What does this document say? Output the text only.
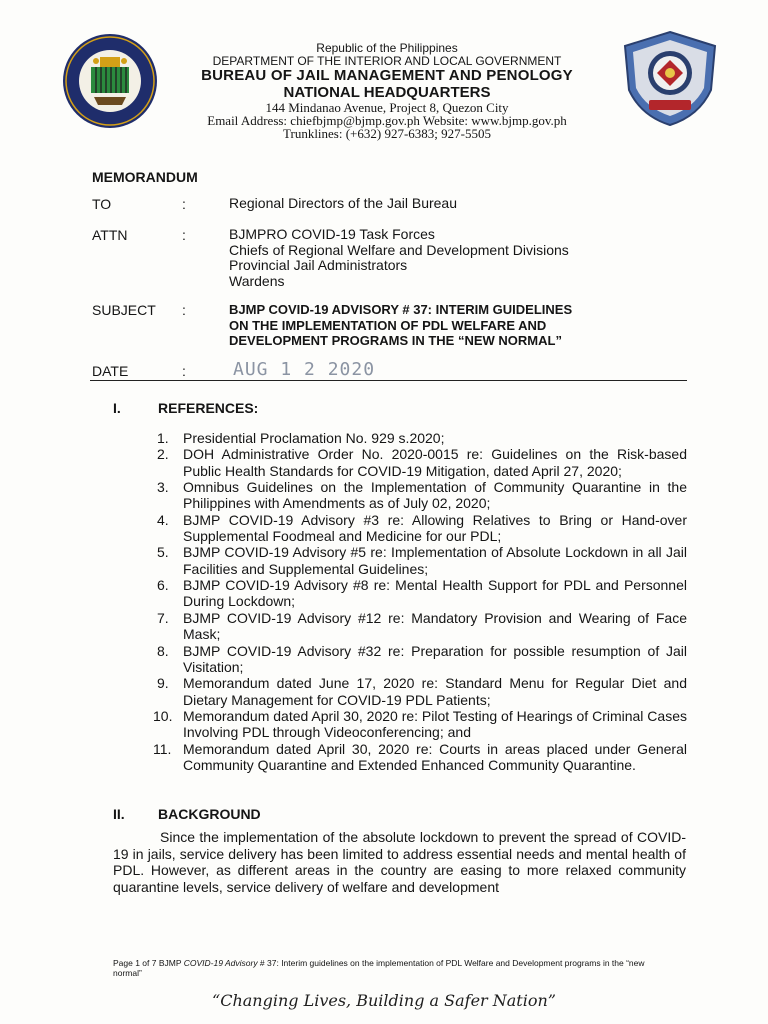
Republic of the Philippines
DEPARTMENT OF THE INTERIOR AND LOCAL GOVERNMENT
BUREAU OF JAIL MANAGEMENT AND PENOLOGY
NATIONAL HEADQUARTERS
144 Mindanao Avenue, Project 8, Quezon City
Email Address: chiefbjmp@bjmp.gov.ph Website: www.bjmp.gov.ph
Trunklines: (+632) 927-6383; 927-5505
MEMORANDUM
TO	:	Regional Directors of the Jail Bureau
ATTN	:	BJMPRO COVID-19 Task Forces
Chiefs of Regional Welfare and Development Divisions
Provincial Jail Administrators
Wardens
SUBJECT :	BJMP COVID-19 ADVISORY # 37: INTERIM GUIDELINES
ON THE IMPLEMENTATION OF PDL WELFARE AND
DEVELOPMENT PROGRAMS IN THE “NEW NORMAL”
DATE	:	AUG 1 2 2020
I.	REFERENCES:
1. Presidential Proclamation No. 929 s.2020;
2. DOH Administrative Order No. 2020-0015 re: Guidelines on the Risk-based Public Health Standards for COVID-19 Mitigation, dated April 27, 2020;
3. Omnibus Guidelines on the Implementation of Community Quarantine in the Philippines with Amendments as of July 02, 2020;
4. BJMP COVID-19 Advisory #3 re: Allowing Relatives to Bring or Hand-over Supplemental Foodmeal and Medicine for our PDL;
5. BJMP COVID-19 Advisory #5 re: Implementation of Absolute Lockdown in all Jail Facilities and Supplemental Guidelines;
6. BJMP COVID-19 Advisory #8 re: Mental Health Support for PDL and Personnel During Lockdown;
7. BJMP COVID-19 Advisory #12 re: Mandatory Provision and Wearing of Face Mask;
8. BJMP COVID-19 Advisory #32 re: Preparation for possible resumption of Jail Visitation;
9. Memorandum dated June 17, 2020 re: Standard Menu for Regular Diet and Dietary Management for COVID-19 PDL Patients;
10. Memorandum dated April 30, 2020 re: Pilot Testing of Hearings of Criminal Cases Involving PDL through Videoconferencing; and
11. Memorandum dated April 30, 2020 re: Courts in areas placed under General Community Quarantine and Extended Enhanced Community Quarantine.
II. BACKGROUND
Since the implementation of the absolute lockdown to prevent the spread of COVID-19 in jails, service delivery has been limited to address essential needs and mental health of PDL. However, as different areas in the country are easing to more relaxed community quarantine levels, service delivery of welfare and development
Page 1 of 7 BJMP COVID-19 Advisory # 37: Interim guidelines on the implementation of PDL Welfare and Development programs in the “new normal”
“Changing Lives, Building a Safer Nation”
